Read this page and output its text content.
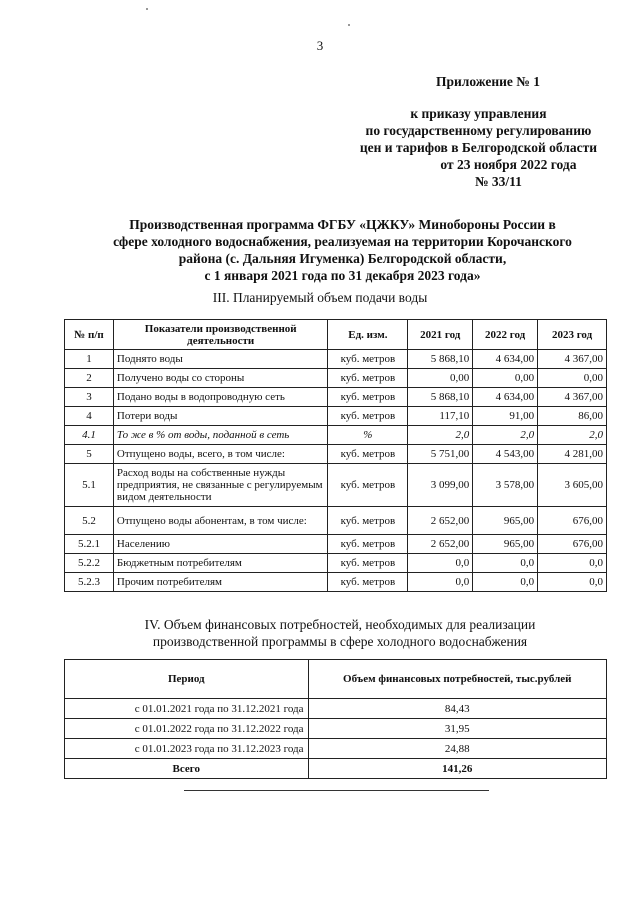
3
Приложение № 1
к приказу управления
по государственному регулированию
цен и тарифов в Белгородской области
от 23 ноября 2022 года
№ 33/11
Производственная программа ФГБУ «ЦЖКУ» Минобороны России в
сфере холодного водоснабжения, реализуемая на территории Корочанского
района (с. Дальняя Игуменка) Белгородской области,
с 1 января 2021 года по 31 декабря 2023 года»
III. Планируемый объем подачи воды
№ п/п	Показатели производственной деятельности	Ед. изм.	2021 год	2022 год	2023 год
1	Поднято воды	куб. метров	5 868,10	4 634,00	4 367,00
2	Получено воды со стороны	куб. метров	0,00	0,00	0,00
3	Подано воды в водопроводную сеть	куб. метров	5 868,10	4 634,00	4 367,00
4	Потери воды	куб. метров	117,10	91,00	86,00
4.1	То же в % от воды, поданной в сеть	%	2,0	2,0	2,0
5	Отпущено воды, всего, в том числе:	куб. метров	5 751,00	4 543,00	4 281,00
5.1	Расход воды на собственные нужды предприятия, не связанные с регулируемым видом деятельности	куб. метров	3 099,00	3 578,00	3 605,00
5.2	Отпущено воды абонентам, в том числе:	куб. метров	2 652,00	965,00	676,00
5.2.1	Населению	куб. метров	2 652,00	965,00	676,00
5.2.2	Бюджетным потребителям	куб. метров	0,0	0,0	0,0
5.2.3	Прочим потребителям	куб. метров	0,0	0,0	0,0
IV. Объем финансовых потребностей, необходимых для реализации
производственной программы в сфере холодного водоснабжения
Период	Объем финансовых потребностей, тыс.рублей
с 01.01.2021 года по 31.12.2021 года	84,43
с 01.01.2022 года по 31.12.2022 года	31,95
с 01.01.2023 года по 31.12.2023 года	24,88
Всего	141,26
